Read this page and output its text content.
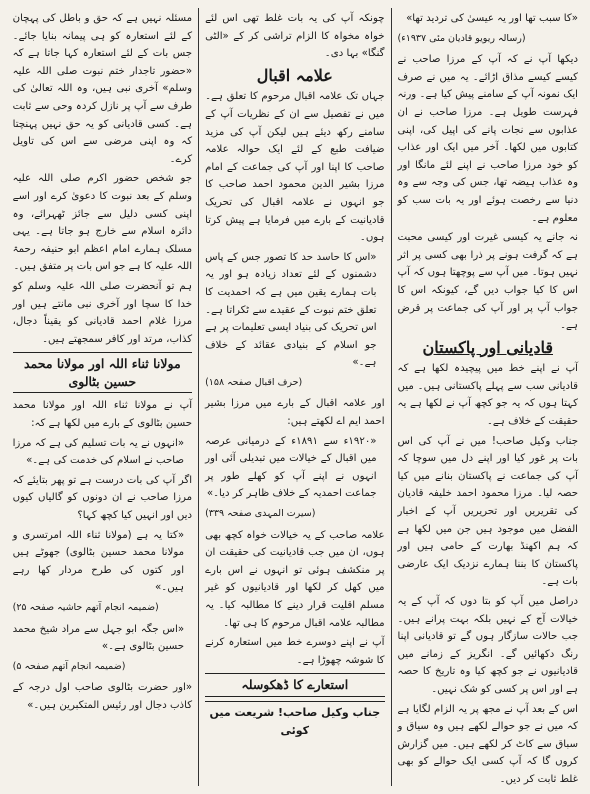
«کا سبب تھا اور یہ عیسیٰ کی تردید تھا»

(رسالہ ریویو قادیان مئی ۱۹۳۷ء)

دیکھا آپ نے کہ آپ کے مرزا صاحب نے کیسے کیسے مذاق اڑائے۔ یہ میں نے صرف ایک نمونہ آپ کے سامنے پیش کیا ہے۔ ورنہ فہرست طویل ہے۔ مرزا صاحب نے ان عذابوں سے نجات پانے کی اپیل کی، اپنی کتابوں میں لکھا۔ آخر میں ایک اور عذاب کو خود مرزا صاحب نے اپنے لئے مانگا اور وہ عذاب ہیضہ تھا، جس کی وجہ سے وہ دنیا سے رخصت ہوئے اور یہ بات سب کو معلوم ہے۔

نہ جانے یہ کیسی غیرت اور کیسی محبت ہے کہ گرفت ہونے پر ذرا بھی کسی پر اثر نہیں ہوتا۔ میں آپ سے پوچھتا ہوں کہ آپ اس کا کیا جواب دیں گے، کیونکہ اس کا جواب آپ پر اور آپ کی جماعت پر قرض ہے۔

قادیانی اور پاکستان

آپ نے اپنے خط میں پیچیدہ لکھا ہے کہ قادیانی سب سے پہلے پاکستانی ہیں۔ میں کہتا ہوں کہ یہ جو کچھ آپ نے لکھا ہے یہ حقیقت کے خلاف ہے۔

جناب وکیل صاحب! میں نے آپ کی اس بات پر غور کیا اور اپنے دل میں سوچا کہ آپ کی جماعت نے پاکستان بنانے میں کیا حصہ لیا۔ مرزا محمود احمد خلیفہ قادیان کی تقریریں اور تحریریں آپ کے اخبار الفضل میں موجود ہیں جن میں لکھا ہے کہ ہم اکھنڈ بھارت کے حامی ہیں اور پاکستان کا بننا ہمارے نزدیک ایک عارضی بات ہے۔

دراصل میں آپ کو بتا دوں کہ آپ کے یہ خیالات آج کے نہیں بلکہ بہت پرانے ہیں۔ جب حالات سازگار ہوں گے تو قادیانی اپنا رنگ دکھائیں گے۔ انگریز کے زمانے میں قادیانیوں نے جو کچھ کیا وہ تاریخ کا حصہ ہے اور اس پر کسی کو شک نہیں۔

اس کے بعد آپ نے مجھ پر یہ الزام لگایا ہے کہ میں نے جو حوالے لکھے ہیں وہ سیاق و سباق سے کاٹ کر لکھے ہیں۔ میں گزارش کروں گا کہ آپ کسی ایک حوالے کو بھی غلط ثابت کر دیں۔

چونکہ آپ کی یہ بات غلط تھی اس لئے خواہ مخواہ کا الزام تراشی کر کے «الٹی گنگا» بہا دی۔

علامہ اقبال

جہاں تک علامہ اقبال مرحوم کا تعلق ہے۔ میں نے تفصیل سے ان کے نظریات آپ کے سامنے رکھ دیئے ہیں لیکن آپ کی مزید ضیافت طبع کے لئے ایک حوالہ علامہ صاحب کا اپنا اور آپ کی جماعت کے امام مرزا بشیر الدین محمود احمد صاحب کا جو انہوں نے علامہ اقبال کی تحریک قادیانیت کے بارے میں فرمایا ہے پیش کرتا ہوں۔

«اس کا حاسد حد کا تصور جس کے پاس دشمنوں کے لئے تعداد زیادہ ہو اور یہ بات ہمارے یقین میں ہے کہ احمدیت کا تعلق ختم نبوت کے عقیدے سے ٹکراتا ہے۔ اس تحریک کی بنیاد ایسی تعلیمات پر ہے جو اسلام کے بنیادی عقائد کے خلاف ہے۔»

(حرف اقبال صفحہ ۱۵۸)

اور علامہ اقبال کے بارے میں مرزا بشیر احمد ایم اے لکھتے ہیں:

«۱۹۲۰ء سے ۱۸۹۱ء کے درمیانی عرصہ میں اقبال کے خیالات میں تبدیلی آئی اور انہوں نے اپنے آپ کو کھلے طور پر جماعت احمدیہ کے خلاف ظاہر کر دیا۔»

(سیرت المہدی صفحہ ۳۳۹)

علامہ صاحب کے یہ خیالات خواہ کچھ بھی ہوں، ان میں جب قادیانیت کی حقیقت ان پر منکشف ہوئی تو انہوں نے اس بارے میں کھل کر لکھا اور قادیانیوں کو غیر مسلم اقلیت قرار دینے کا مطالبہ کیا۔ یہ مطالبہ علامہ اقبال مرحوم کا ہی تھا۔

آپ نے اپنے دوسرے خط میں استعارہ کرنے کا شوشہ چھوڑا ہے۔

استعارے کا ڈھکوسلہ
جناب وکیل صاحب! شریعت میں کوئی

مسئلہ نہیں ہے کہ حق و باطل کی پہچان کے لئے استعارہ کو ہی پیمانہ بنایا جائے۔ جس بات کے لئے استعارہ کہا جاتا ہے کہ «حضور تاجدار ختم نبوت صلی اللہ علیہ وسلم» آخری نبی ہیں، وہ اللہ تعالیٰ کی طرف سے آپ پر نازل کردہ وحی سے ثابت ہے۔ کسی قادیانی کو یہ حق نہیں پہنچتا کہ وہ اپنی مرضی سے اس کی تاویل کرے۔

جو شخص حضور اکرم صلی اللہ علیہ وسلم کے بعد نبوت کا دعویٰ کرے اور اسے اپنی کسی دلیل سے جائز ٹھہرائے، وہ دائرہ اسلام سے خارج ہو جاتا ہے۔ یہی مسلک ہمارے امام اعظم ابو حنیفہ رحمۃ اللہ علیہ کا ہے جو اس بات پر متفق ہیں۔

ہم تو آنحضرت صلی اللہ علیہ وسلم کو خدا کا سچا اور آخری نبی مانتے ہیں اور مرزا غلام احمد قادیانی کو یقیناً دجال، کذاب، مرتد اور کافر سمجھتے ہیں۔

مولانا ثناء اللہ اور مولانا محمد حسین بٹالوی

آپ نے مولانا ثناء اللہ اور مولانا محمد حسین بٹالوی کے بارے میں لکھا ہے کہ:

«انہوں نے یہ بات تسلیم کی ہے کہ مرزا صاحب نے اسلام کی خدمت کی ہے۔»

اگر آپ کی بات درست ہے تو پھر بتایئے کہ مرزا صاحب نے ان دونوں کو گالیاں کیوں دیں اور انہیں کیا کچھ کہا؟

«کتا یہ ہے (مولانا ثناء اللہ امرتسری و مولانا محمد حسین بٹالوی) جھوٹے ہیں اور کتوں کی طرح مردار کھا رہے ہیں۔»

(ضمیمہ انجام آتھم حاشیہ صفحہ ۲۵)

«اس جگہ ابو جہل سے مراد شیخ محمد حسین بٹالوی ہے۔»

(ضمیمہ انجام آتھم صفحہ ۵)

«اور حضرت بٹالوی صاحب اول درجہ کے کاذب دجال اور رئیس المتکبرین ہیں۔»
